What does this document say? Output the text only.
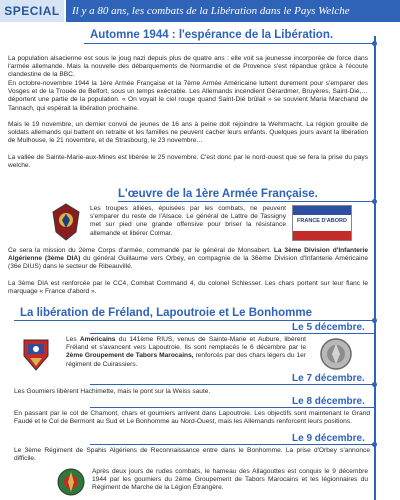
SPECIAL	Il y a 80 ans, les combats de la Libération dans le Pays Welche
Automne 1944 : l'espérance de la Libération.

La population alsacienne est sous le joug nazi depuis plus de quatre ans : elle voit sa jeunesse incorporée de force dans l'armée allemande. Mais la nouvelle des débarquements de Normandie et de Provence s'est répandue grâce à l'écoute clandestine de la BBC.

En octobre-novembre 1944 la 1ère Armée Française et la 7ème Armée Américaine luttent durement pour s'emparer des Vosges et de la Trouée de Belfort, sous un temps exécrable. Les Allemands incendient Gérardmer, Bruyères, Saint-Dié,… déportent une partie de la population. « On voyait le ciel rouge quand Saint-Dié brûlait » se souvient Maria Marchand de Tannach, qui espérait la libération prochaine.

Mais le 19 novembre, un dernier convoi de jeunes de 16 ans à peine doit rejoindre la Wehrmacht. La région grouille de soldats allemands qui battent en retraite et les familles ne peuvent cacher leurs enfants. Quelques jours avant la libération de Mulhouse, le 21 novembre, et de Strasbourg, le 23 novembre…

La vallée de Sainte-Marie-aux-Mines est libérée le 25 novembre. C'est donc par le nord-ouest que se fera la prise du pays welche.

L'œuvre de la 1ère Armée Française.

Les troupes alliées, épuisées par les combats, ne peuvent s'emparer du reste de l'Alsace. Le général de Lattre de Tassigny met sur pied une grande offensive pour briser la résistance allemande et libérer Colmar.

FRANCE D'ABORD

Ce sera la mission du 2ème Corps d'armée, commandé par le général de Monsabert. La 3ème Division d'Infanterie Algérienne (3ème DIA) du général Guillaume vers Orbey, en compagnie de la 36ème Division d'Infanterie Américaine (36e DIUS) dans le secteur de Ribeauvillé.

La 3ème DIA est renforcée par le CC4, Combat Command 4, du colonel Schlesser. Les chars portent sur leur flanc le marquage « France d'abord ».

La libération de Fréland, Lapoutroie et Le Bonhomme
Le 5 décembre.

Les Américains du 141ème RIUS, venus de Sainte-Marie et Aubure, libèrent Fréland et s'avancent vers Lapoutroie. Ils sont remplacés le 6 décembre par le 2ème Groupement de Tabors Marocains, renforcés par des chars légers du 1er régiment de Cuirassiers.

Le 7 décembre.

Les Goumiers libèrent Hachimette, mais le pont sur la Weiss saute.

Le 8 décembre.

En passant par le col de Chamont, chars et goumiers arrivent dans Lapoutroie. Les objectifs sont maintenant le Grand Faudé et le Col de Bermont au Sud et Le Bonhomme au Nord-Ouest, mais les Allemands renforcent leurs positions.

Le 9 décembre.

Le 3ème Régiment de Spahis Algériens de Reconnaissance entre dans le Bonhomme. La prise d'Orbey s'annonce difficile.

Après deux jours de rudes combats, le hameau des Allagouttes est conquis le 9 décembre 1944 par les goumiers du 2ème Groupement de Tabors Marocains et les légionnaires du Régiment de Marche de la Légion Étrangère.
